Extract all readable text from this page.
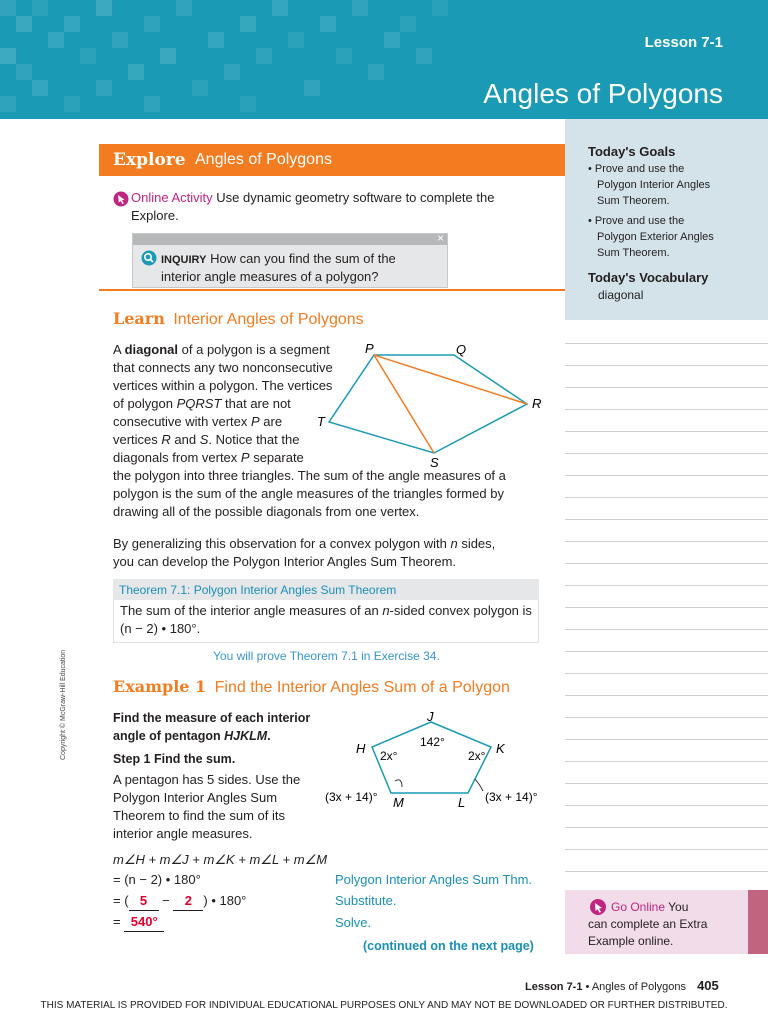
Lesson 7-1
Angles of Polygons
Today's Goals
• Prove and use the
Polygon Interior Angles
Sum Theorem.
• Prove and use the
Polygon Exterior Angles
Sum Theorem.
Today's Vocabulary
diagonal
Go Online You
can complete an Extra
Example online.
Explore Angles of Polygons
Online Activity Use dynamic geometry software to complete the
Explore.
×
INQUIRY How can you find the sum of the
interior angle measures of a polygon?
Learn Interior Angles of Polygons
A diagonal of a polygon is a segment
that connects any two nonconsecutive
vertices within a polygon. The vertices
of polygon PQRST that are not
consecutive with vertex P are
vertices R and S. Notice that the
diagonals from vertex P separate
the polygon into three triangles. The sum of the angle measures of a
polygon is the sum of the angle measures of the triangles formed by
drawing all of the possible diagonals from one vertex.
P	Q
R
S
T
By generalizing this observation for a convex polygon with n sides,
you can develop the Polygon Interior Angles Sum Theorem.
Theorem 7.1: Polygon Interior Angles Sum Theorem
The sum of the interior angle measures of an n-sided convex polygon is
(n − 2) • 180°.
You will prove Theorem 7.1 in Exercise 34.
Example 1 Find the Interior Angles Sum of a Polygon
Find the measure of each interior
angle of pentagon HJKLM.
Step 1 Find the sum.
A pentagon has 5 sides. Use the
Polygon Interior Angles Sum
Theorem to find the sum of its
interior angle measures.
J
H	K
M	L
142°
2x°	2x°
(3x + 14)°	(3x + 14)°
m∠H + m∠J + m∠K + m∠L + m∠M
= (n − 2) • 180°
= ( 5 − 2 ) • 180°
= 540°
Polygon Interior Angles Sum Thm.
Substitute.
Solve.
(continued on the next page)
Copyright © McGraw-Hill Education
Lesson 7-1 • Angles of Polygons 405
THIS MATERIAL IS PROVIDED FOR INDIVIDUAL EDUCATIONAL PURPOSES ONLY AND MAY NOT BE DOWNLOADED OR FURTHER DISTRIBUTED.
